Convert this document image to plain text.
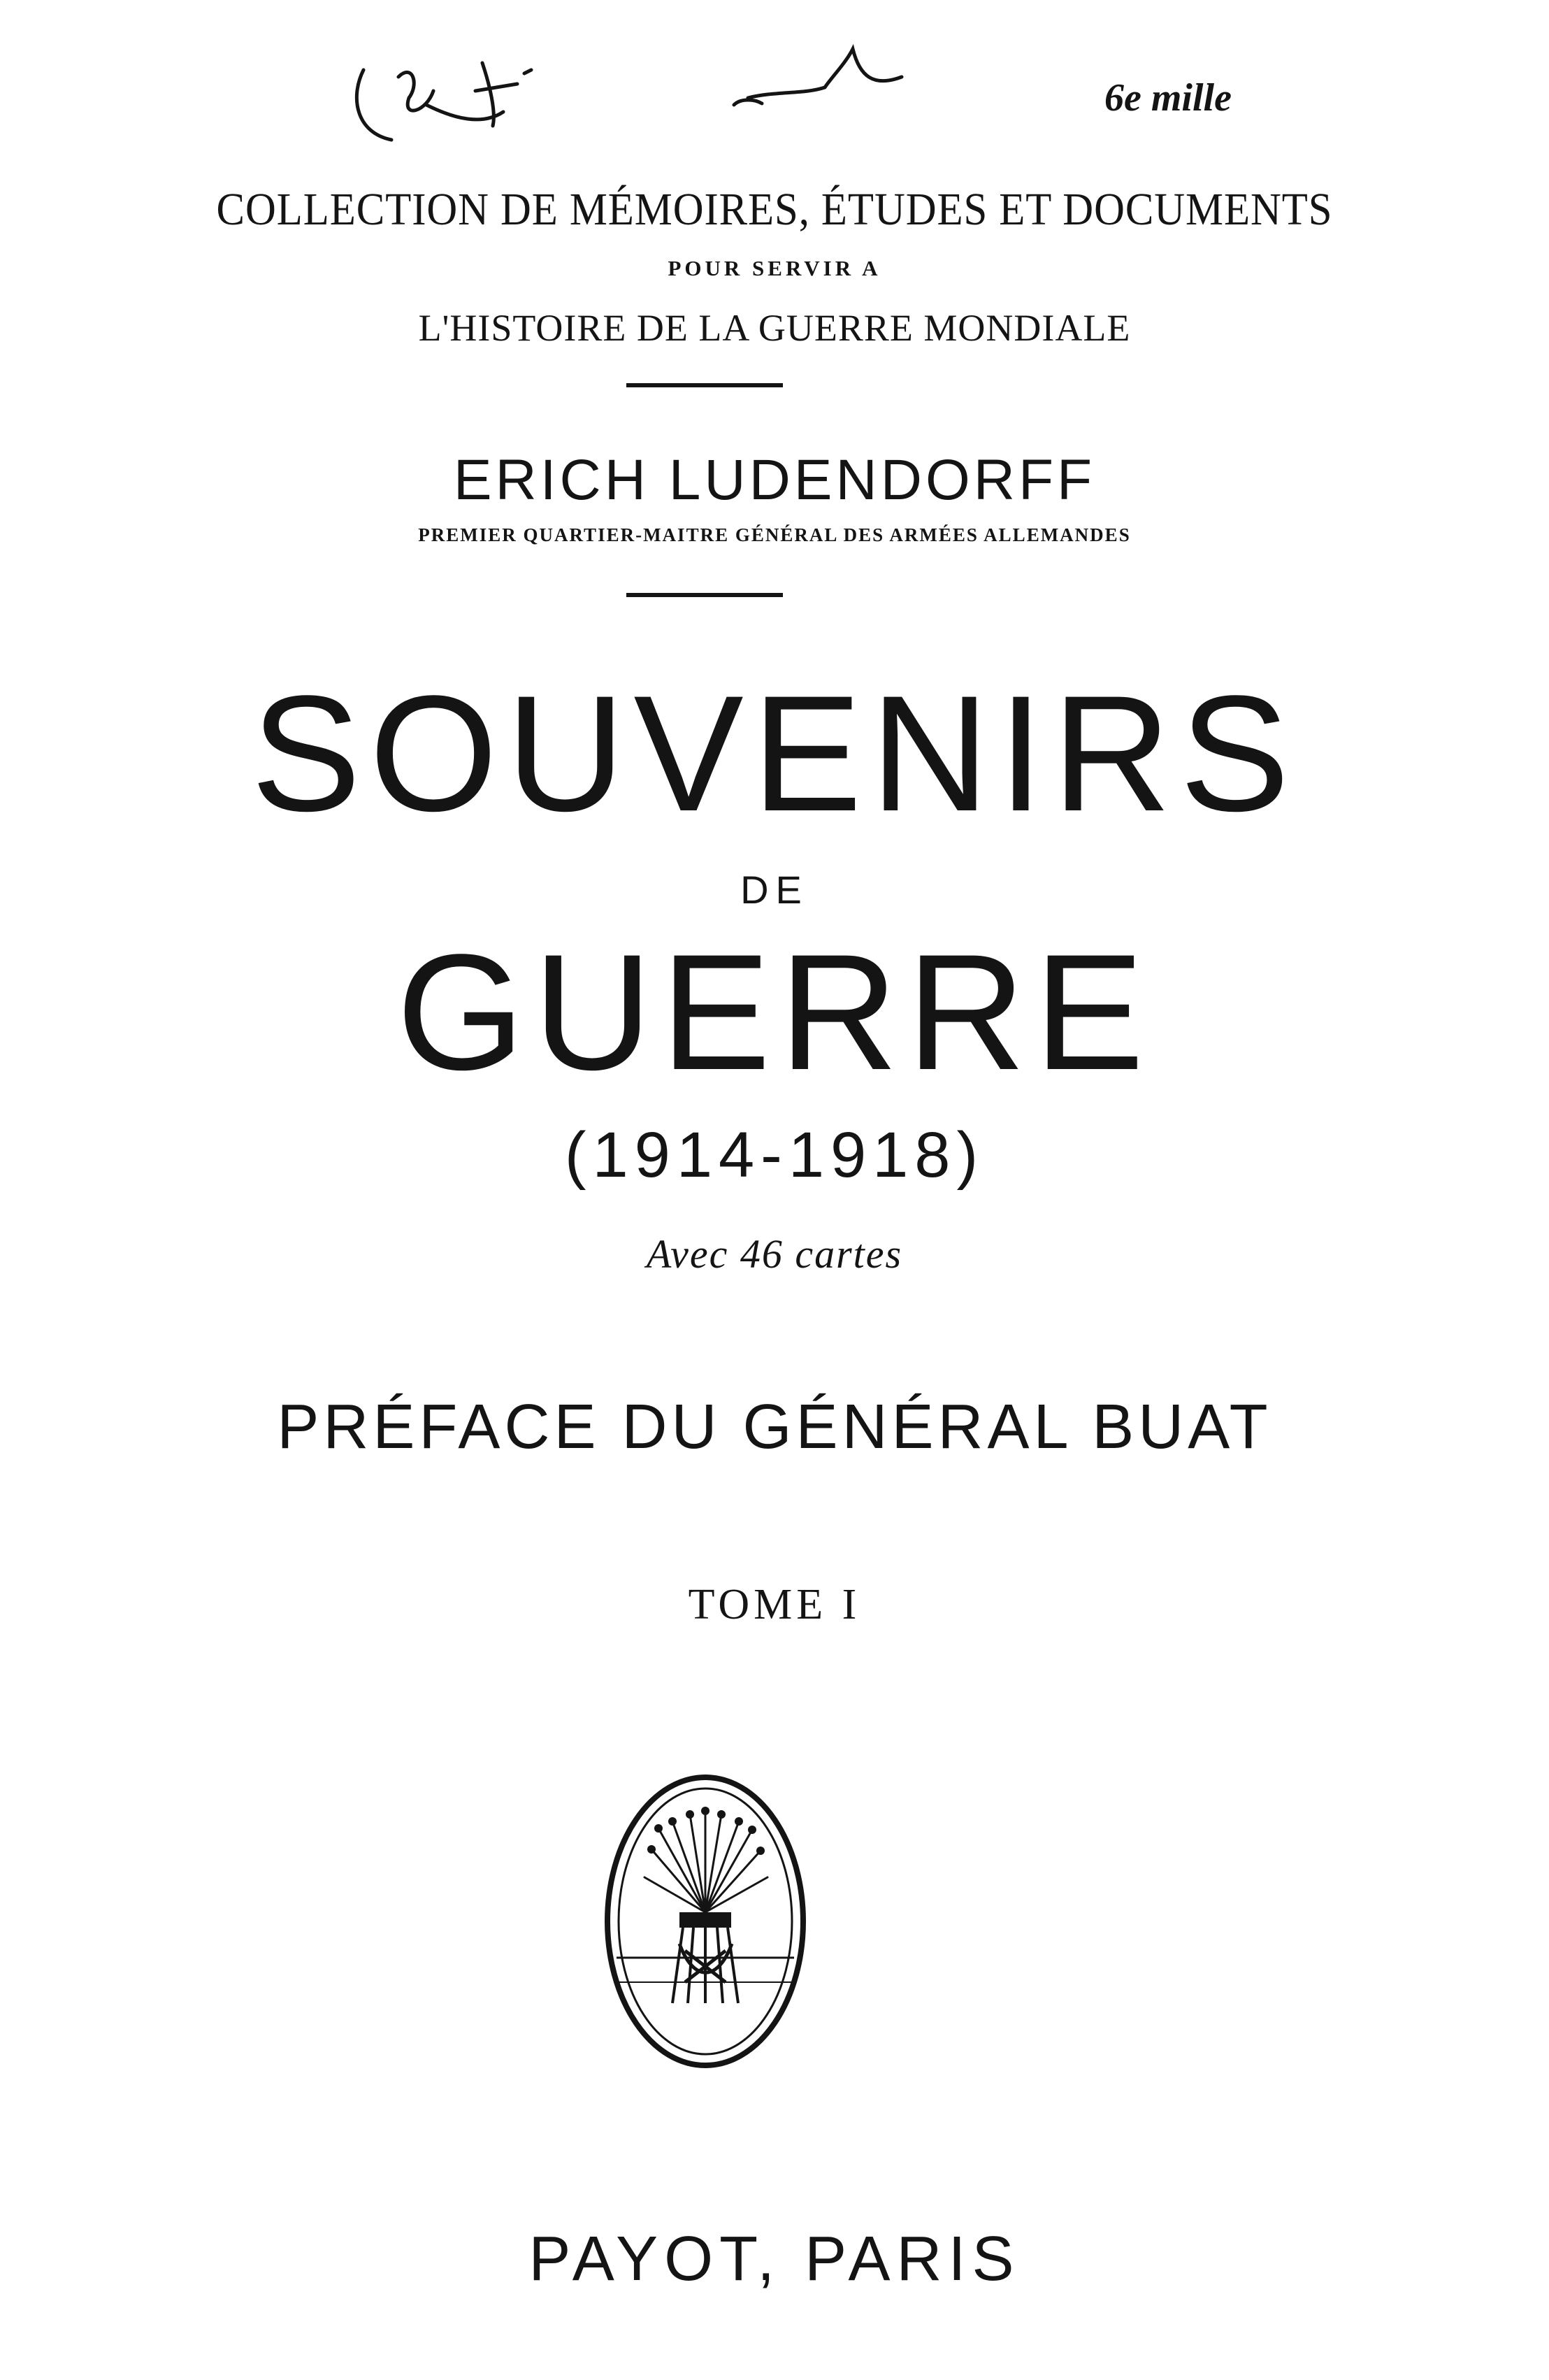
6e mille
COLLECTION DE MÉMOIRES, ÉTUDES ET DOCUMENTS
POUR SERVIR A
L'HISTOIRE DE LA GUERRE MONDIALE
ERICH LUDENDORFF
PREMIER QUARTIER-MAITRE GÉNÉRAL DES ARMÉES ALLEMANDES
SOUVENIRS
DE
GUERRE
(1914-1918)
Avec 46 cartes
PRÉFACE DU GÉNÉRAL BUAT
TOME I
PAYOT, PARIS
